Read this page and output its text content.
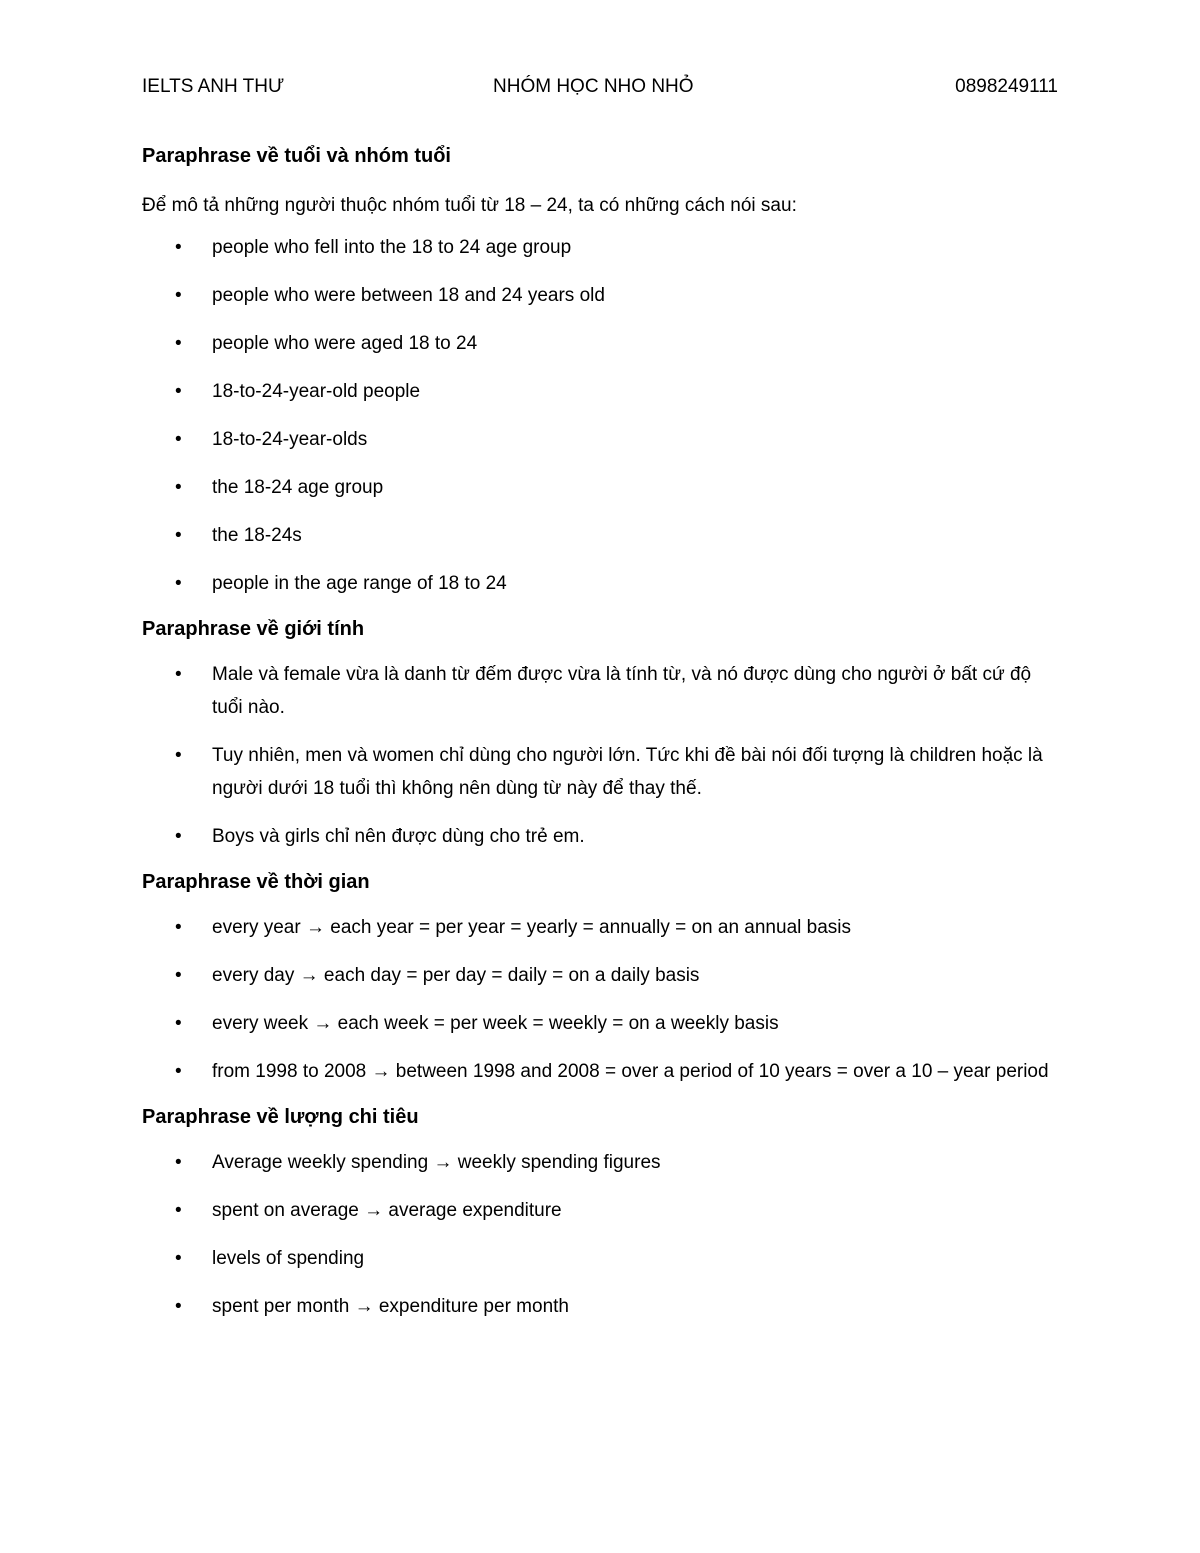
IELTS ANH THƯ	NHÓM HỌC NHO NHỎ	0898249111
Paraphrase về tuổi và nhóm tuổi

Để mô tả những người thuộc nhóm tuổi từ 18 – 24, ta có những cách nói sau:

• people who fell into the 18 to 24 age group
• people who were between 18 and 24 years old
• people who were aged 18 to 24
• 18-to-24-year-old people
• 18-to-24-year-olds
• the 18-24 age group
• the 18-24s
• people in the age range of 18 to 24
Paraphrase về giới tính
• Male và female vừa là danh từ đếm được vừa là tính từ, và nó được dùng cho người ở bất cứ độ tuổi nào.
• Tuy nhiên, men và women chỉ dùng cho người lớn. Tức khi đề bài nói đối tượng là children hoặc là người dưới 18 tuổi thì không nên dùng từ này để thay thế.
• Boys và girls chỉ nên được dùng cho trẻ em.
Paraphrase về thời gian
• every year → each year = per year = yearly = annually = on an annual basis
• every day → each day = per day = daily = on a daily basis
• every week → each week = per week = weekly = on a weekly basis
• from 1998 to 2008 → between 1998 and 2008 = over a period of 10 years = over a 10 – year period
Paraphrase về lượng chi tiêu
• Average weekly spending → weekly spending figures
• spent on average → average expenditure
• levels of spending
• spent per month → expenditure per month
